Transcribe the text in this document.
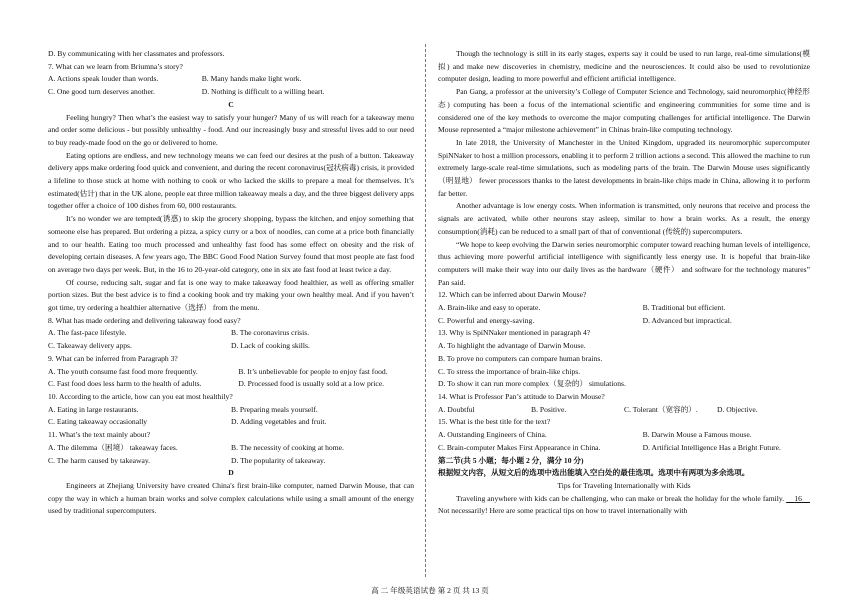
D. By communicating with her classmates and professors.

7. What can we learn from Briumna’s story?

A. Actions speak louder than words.	B. Many hands make light work.
C. One good turn deserves another.	D. Nothing is difficult to a willing heart.

C

Feeling hungry? Then what’s the easiest way to satisfy your hunger? Many of us will reach for a takeaway menu and order some delicious - but possibly unhealthy - food. And our increasingly busy and stressful lives add to our need to buy ready-made food on the go or delivered to home.

Eating options are endless, and new technology means we can feed our desires at the push of a button. Takeaway delivery apps make ordering food quick and convenient, and during the recent coronavirus(冠状病毒) crisis, it provided a lifeline to those stuck at home with nothing to cook or who lacked the skills to prepare a meal for themselves. It’s estimated(估计) that in the UK alone, people eat three million takeaway meals a day, and the three biggest delivery apps together offer a choice of 100 dishes from 60, 000 restaurants.

It’s no wonder we are tempted(诱惑) to skip the grocery shopping, bypass the kitchen, and enjoy something that someone else has prepared. But ordering a pizza, a spicy curry or a box of noodles, can come at a price both financially and to our health. Eating too much processed and unhealthy fast food has some effect on obesity and the risk of developing certain diseases. A few years ago, The BBC Good Food Nation Survey found that most people ate fast food on average two days per week. But, in the 16 to 20-year-old category, one in six ate fast food at least twice a day.

Of course, reducing salt, sugar and fat is one way to make takeaway food healthier, as well as offering smaller portion sizes. But the best advice is to find a cooking book and try making your own healthy meal. And if you haven’t got time, try ordering a healthier alternative（选择） from the menu.

8. What has made ordering and delivering takeaway food easy?

A. The fast-pace lifestyle.	B. The coronavirus crisis.
C. Takeaway delivery apps.	D. Lack of cooking skills.

9. What can be inferred from Paragraph 3?

A. The youth consume fast food more frequently.	B. It’s unbelievable for people to enjoy fast food.
C. Fast food does less harm to the health of adults.	D. Processed food is usually sold at a low price.

10. According to the article, how can you eat most healthily?

A. Eating in large restaurants.	B. Preparing meals yourself.
C. Eating takeaway occasionally	D. Adding vegetables and fruit.

11. What’s the text mainly about?

A. The dilemma（困境） takeaway faces.	B. The necessity of cooking at home.
C. The harm caused by takeaway.	D. The popularity of takeaway.

D

Engineers at Zhejiang University have created China's first brain-like computer, named Darwin Mouse, that can copy the way in which a human brain works and solve complex calculations while using a small amount of the energy used by traditional supercomputers.

Though the technology is still in its early stages, experts say it could be used to run large, real-time simulations(模拟) and make new discoveries in chemistry, medicine and the neurosciences. It could also be used to revolutionize computer design, leading to more powerful and efficient artificial intelligence.

Pan Gang, a professor at the university’s College of Computer Science and Technology, said neuromorphic(神经形态) computing has been a focus of the international scientific and engineering communities for some time and is considered one of the key methods to overcome the major computing challenges for artificial intelligence. The Darwin Mouse represented a “major milestone achievement” in Chinas brain-like computing technology.

In late 2018, the University of Manchester in the United Kingdom, upgraded its neuromorphic supercomputer SpiNNaker to host a million processors, enabling it to perform 2 trillion actions a second. This allowed the machine to run extremely large-scale real-time simulations, such as modeling parts of the brain. The Darwin Mouse uses significantly（明显地） fewer processors thanks to the latest developments in brain-like chips made in China, allowing it to perform far better.

Another advantage is low energy costs. When information is transmitted, only neurons that receive and process the signals are activated, while other neurons stay asleep, similar to how a brain works. As a result, the energy consumption(消耗) can be reduced to a small part of that of conventional (传统的) supercomputers.

“We hope to keep evolving the Darwin series neuromorphic computer toward reaching human levels of intelligence, thus achieving more powerful artificial intelligence with significantly less energy use. It is hopeful that brain-like computers will make their way into our daily lives as the hardware（硬件） and software for the technology matures” Pan said.

12. Which can be inferred about Darwin Mouse?

A. Brain-like and easy to operate.	B. Traditional but efficient.
C. Powerful and energy-saving.	D. Advanced but impractical.

13. Why is SpiNNaker mentioned in paragraph 4?

A. To highlight the advantage of Darwin Mouse.

B. To prove no computers can compare human brains.

C. To stress the importance of brain-like chips.

D. To show it can run more complex（复杂的） simulations.

14. What is Professor Pan’s attitude to Darwin Mouse?

A. Doubtful	B. Positive.	C. Tolerant（宽容的）.	D. Objective.

15. What is the best title for the text?

A. Outstanding Engineers of China.	B. Darwin Mouse a Famous mouse.
C. Brain-computer Makes First Appearance in China.	D. Artificial Intelligence Has a Bright Future.

第二节(共 5 小题；每小题 2 分，满分 10 分)

根据短文内容，从短文后的选项中选出能填入空白处的最佳选项。选项中有两项为多余选项。

Tips for Traveling Internationally with Kids

Traveling anywhere with kids can be challenging, who can make or break the holiday for the whole family.     16     Not necessarily! Here are some practical tips on how to travel internationally with

高 二 年级英语试卷 第 2 页 共 13 页
